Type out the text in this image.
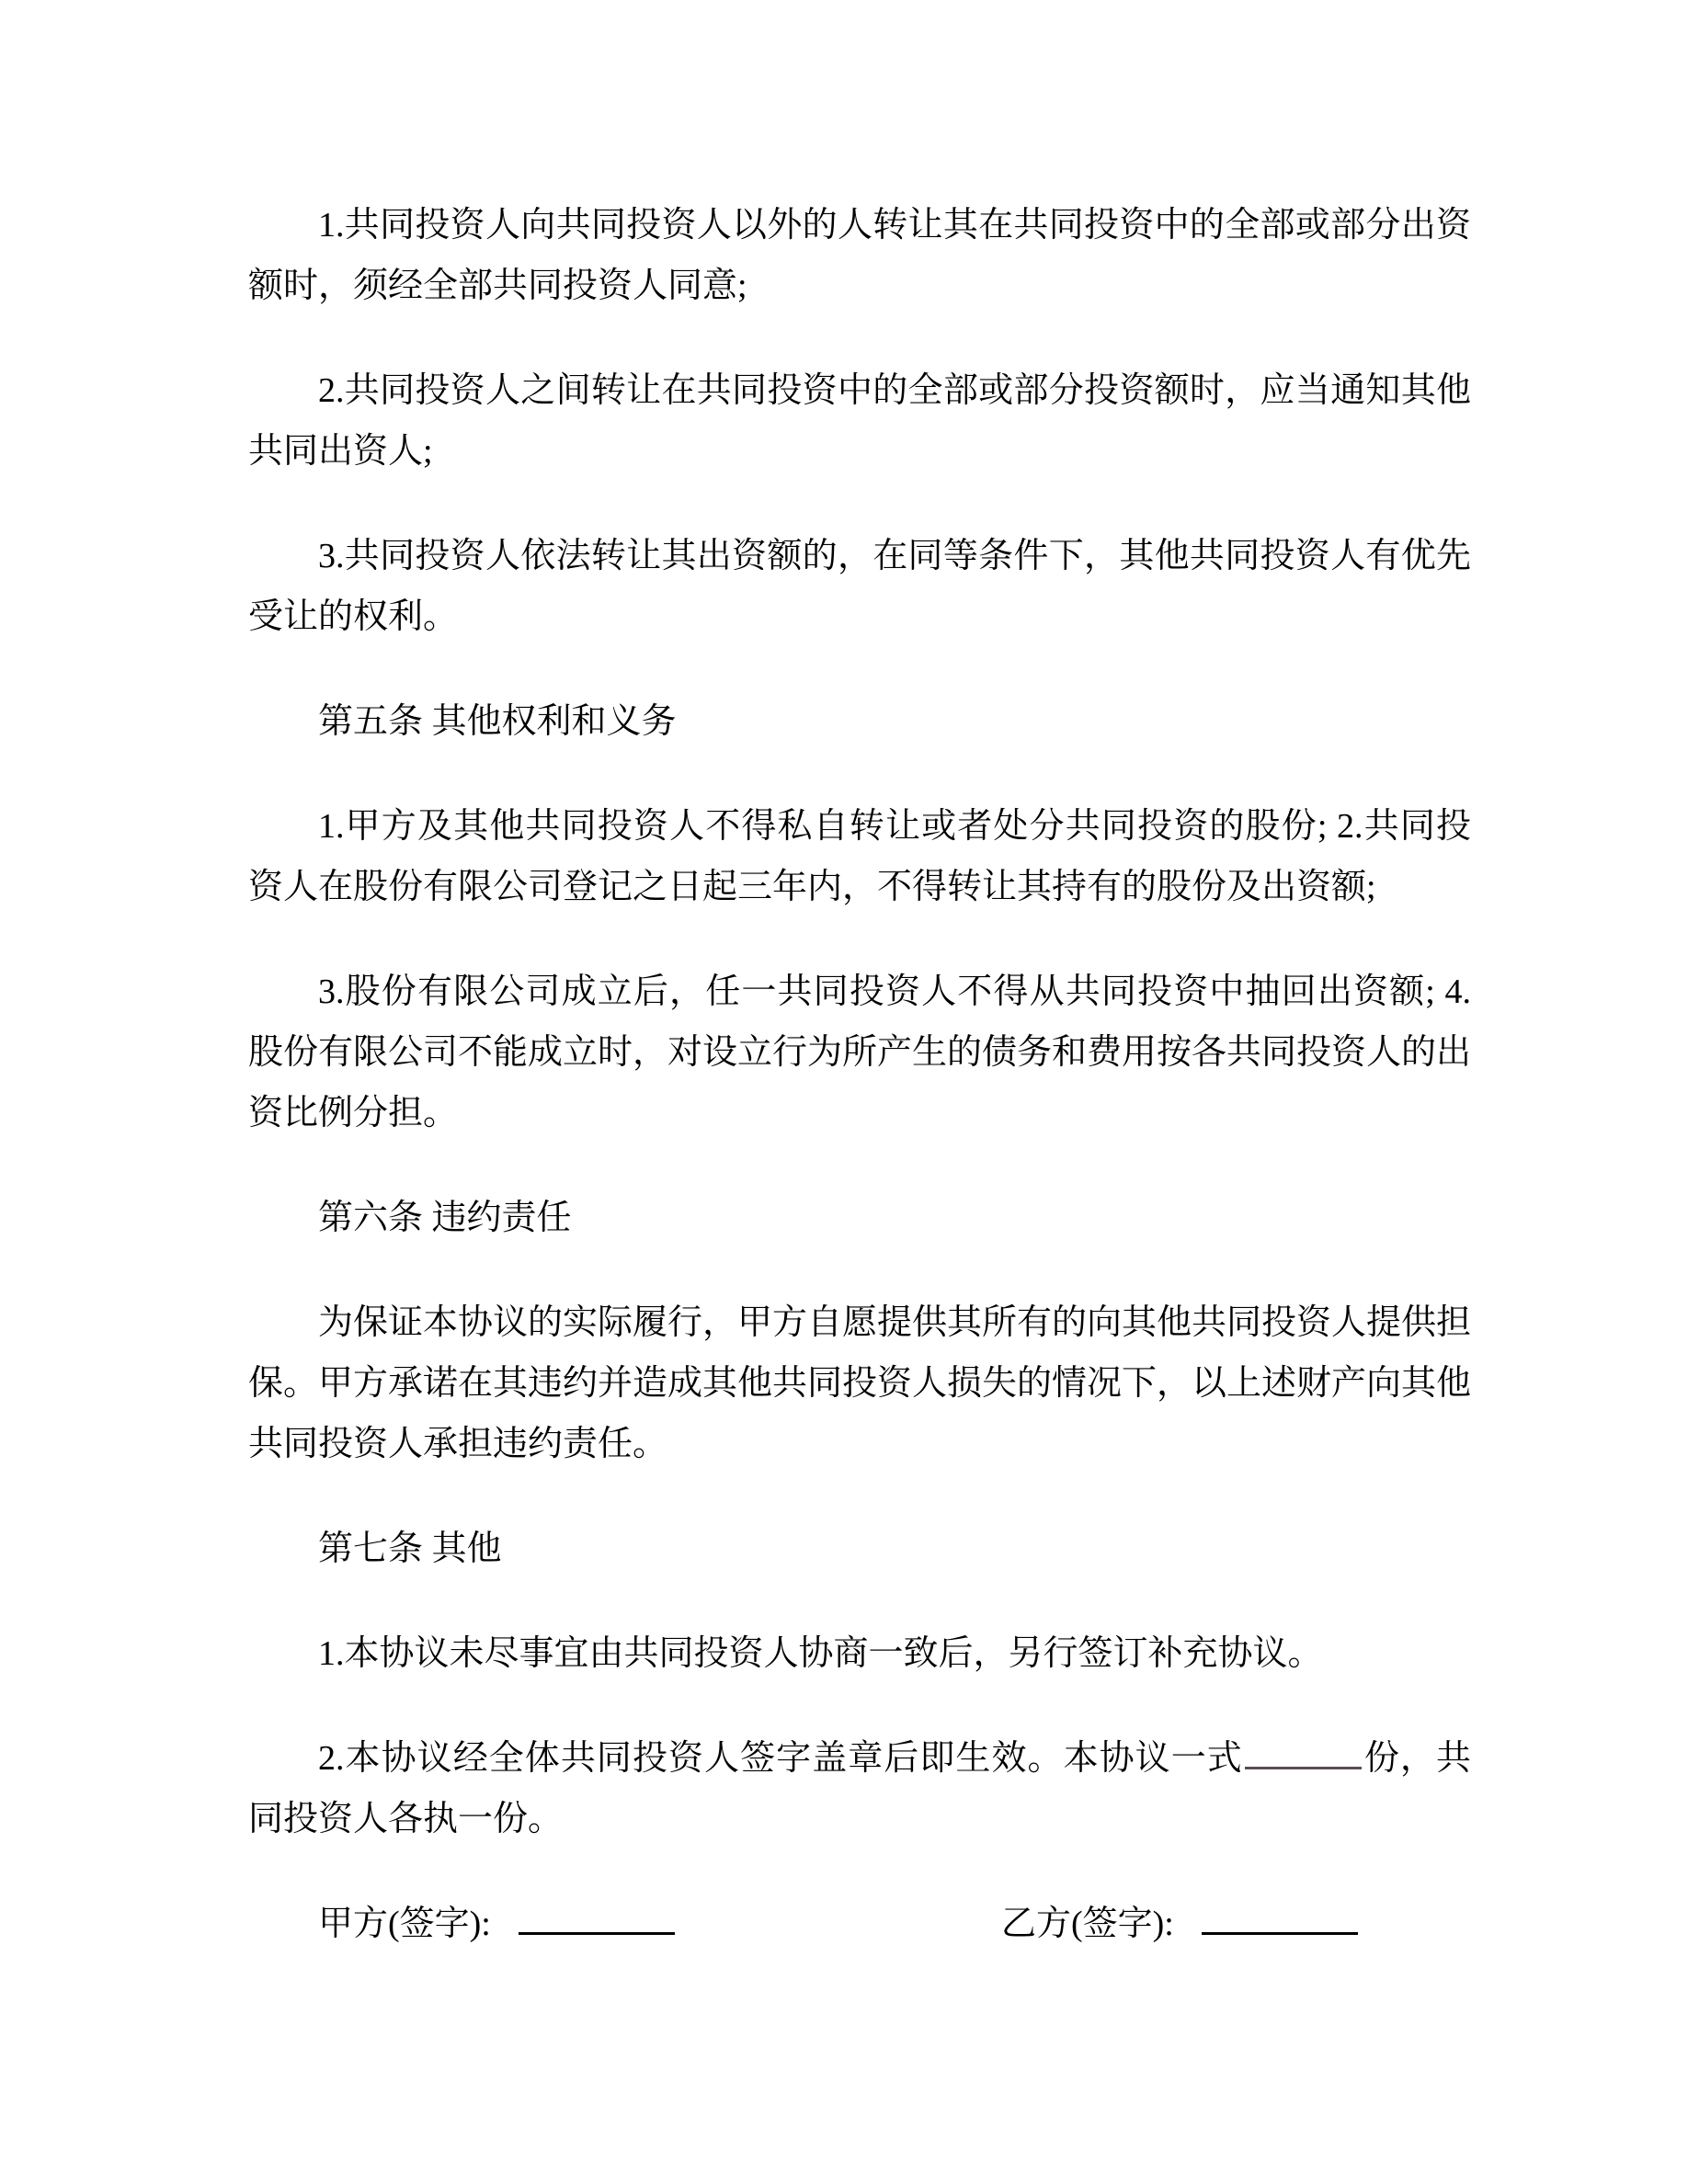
1.共同投资人向共同投资人以外的人转让其在共同投资中的全部或部分出资额时，须经全部共同投资人同意;

2.共同投资人之间转让在共同投资中的全部或部分投资额时，应当通知其他共同出资人;

3.共同投资人依法转让其出资额的，在同等条件下，其他共同投资人有优先受让的权利。

第五条 其他权利和义务

1.甲方及其他共同投资人不得私自转让或者处分共同投资的股份; 2.共同投资人在股份有限公司登记之日起三年内，不得转让其持有的股份及出资额;

3.股份有限公司成立后，任一共同投资人不得从共同投资中抽回出资额; 4.股份有限公司不能成立时，对设立行为所产生的债务和费用按各共同投资人的出资比例分担。

第六条 违约责任

为保证本协议的实际履行，甲方自愿提供其所有的向其他共同投资人提供担保。甲方承诺在其违约并造成其他共同投资人损失的情况下，以上述财产向其他共同投资人承担违约责任。

第七条 其他

1.本协议未尽事宜由共同投资人协商一致后，另行签订补充协议。

2.本协议经全体共同投资人签字盖章后即生效。本协议一式	份，共同投资人各执一份。

甲方(签字):	乙方(签字):
